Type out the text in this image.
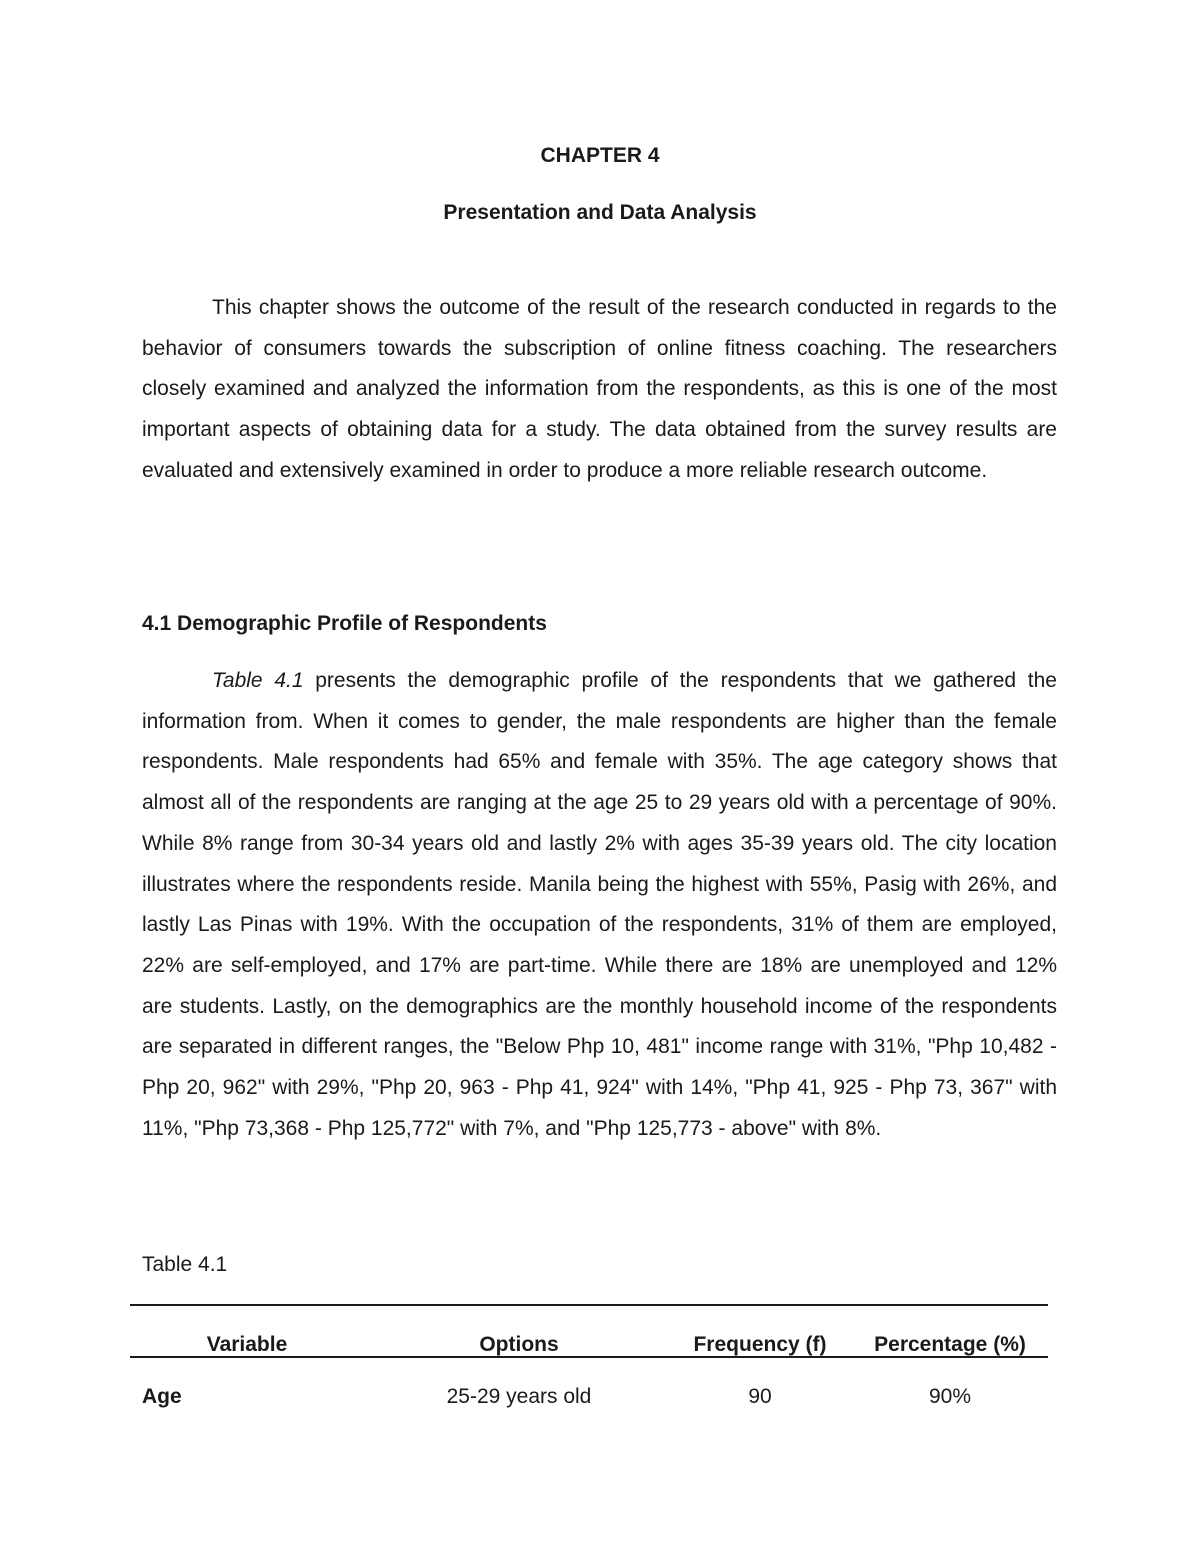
CHAPTER 4
Presentation and Data Analysis

This chapter shows the outcome of the result of the research conducted in regards to the behavior of consumers towards the subscription of online fitness coaching. The researchers closely examined and analyzed the information from the respondents, as this is one of the most important aspects of obtaining data for a study. The data obtained from the survey results are evaluated and extensively examined in order to produce a more reliable research outcome.

4.1 Demographic Profile of Respondents

Table 4.1 presents the demographic profile of the respondents that we gathered the information from. When it comes to gender, the male respondents are higher than the female respondents. Male respondents had 65% and female with 35%. The age category shows that almost all of the respondents are ranging at the age 25 to 29 years old with a percentage of 90%. While 8% range from 30-34 years old and lastly 2% with ages 35-39 years old. The city location illustrates where the respondents reside. Manila being the highest with 55%, Pasig with 26%, and lastly Las Pinas with 19%. With the occupation of the respondents, 31% of them are employed, 22% are self-employed, and 17% are part-time. While there are 18% are unemployed and 12% are students. Lastly, on the demographics are the monthly household income of the respondents are separated in different ranges, the "Below Php 10, 481" income range with 31%, "Php 10,482 - Php 20, 962" with 29%, "Php 20, 963 - Php 41, 924" with 14%, "Php 41, 925 - Php 73, 367" with 11%, "Php 73,368 - Php 125,772" with 7%, and "Php 125,773 - above" with 8%.

Table 4.1
Variable	Options	Frequency (f)	Percentage (%)
Age	25-29 years old	90	90%
